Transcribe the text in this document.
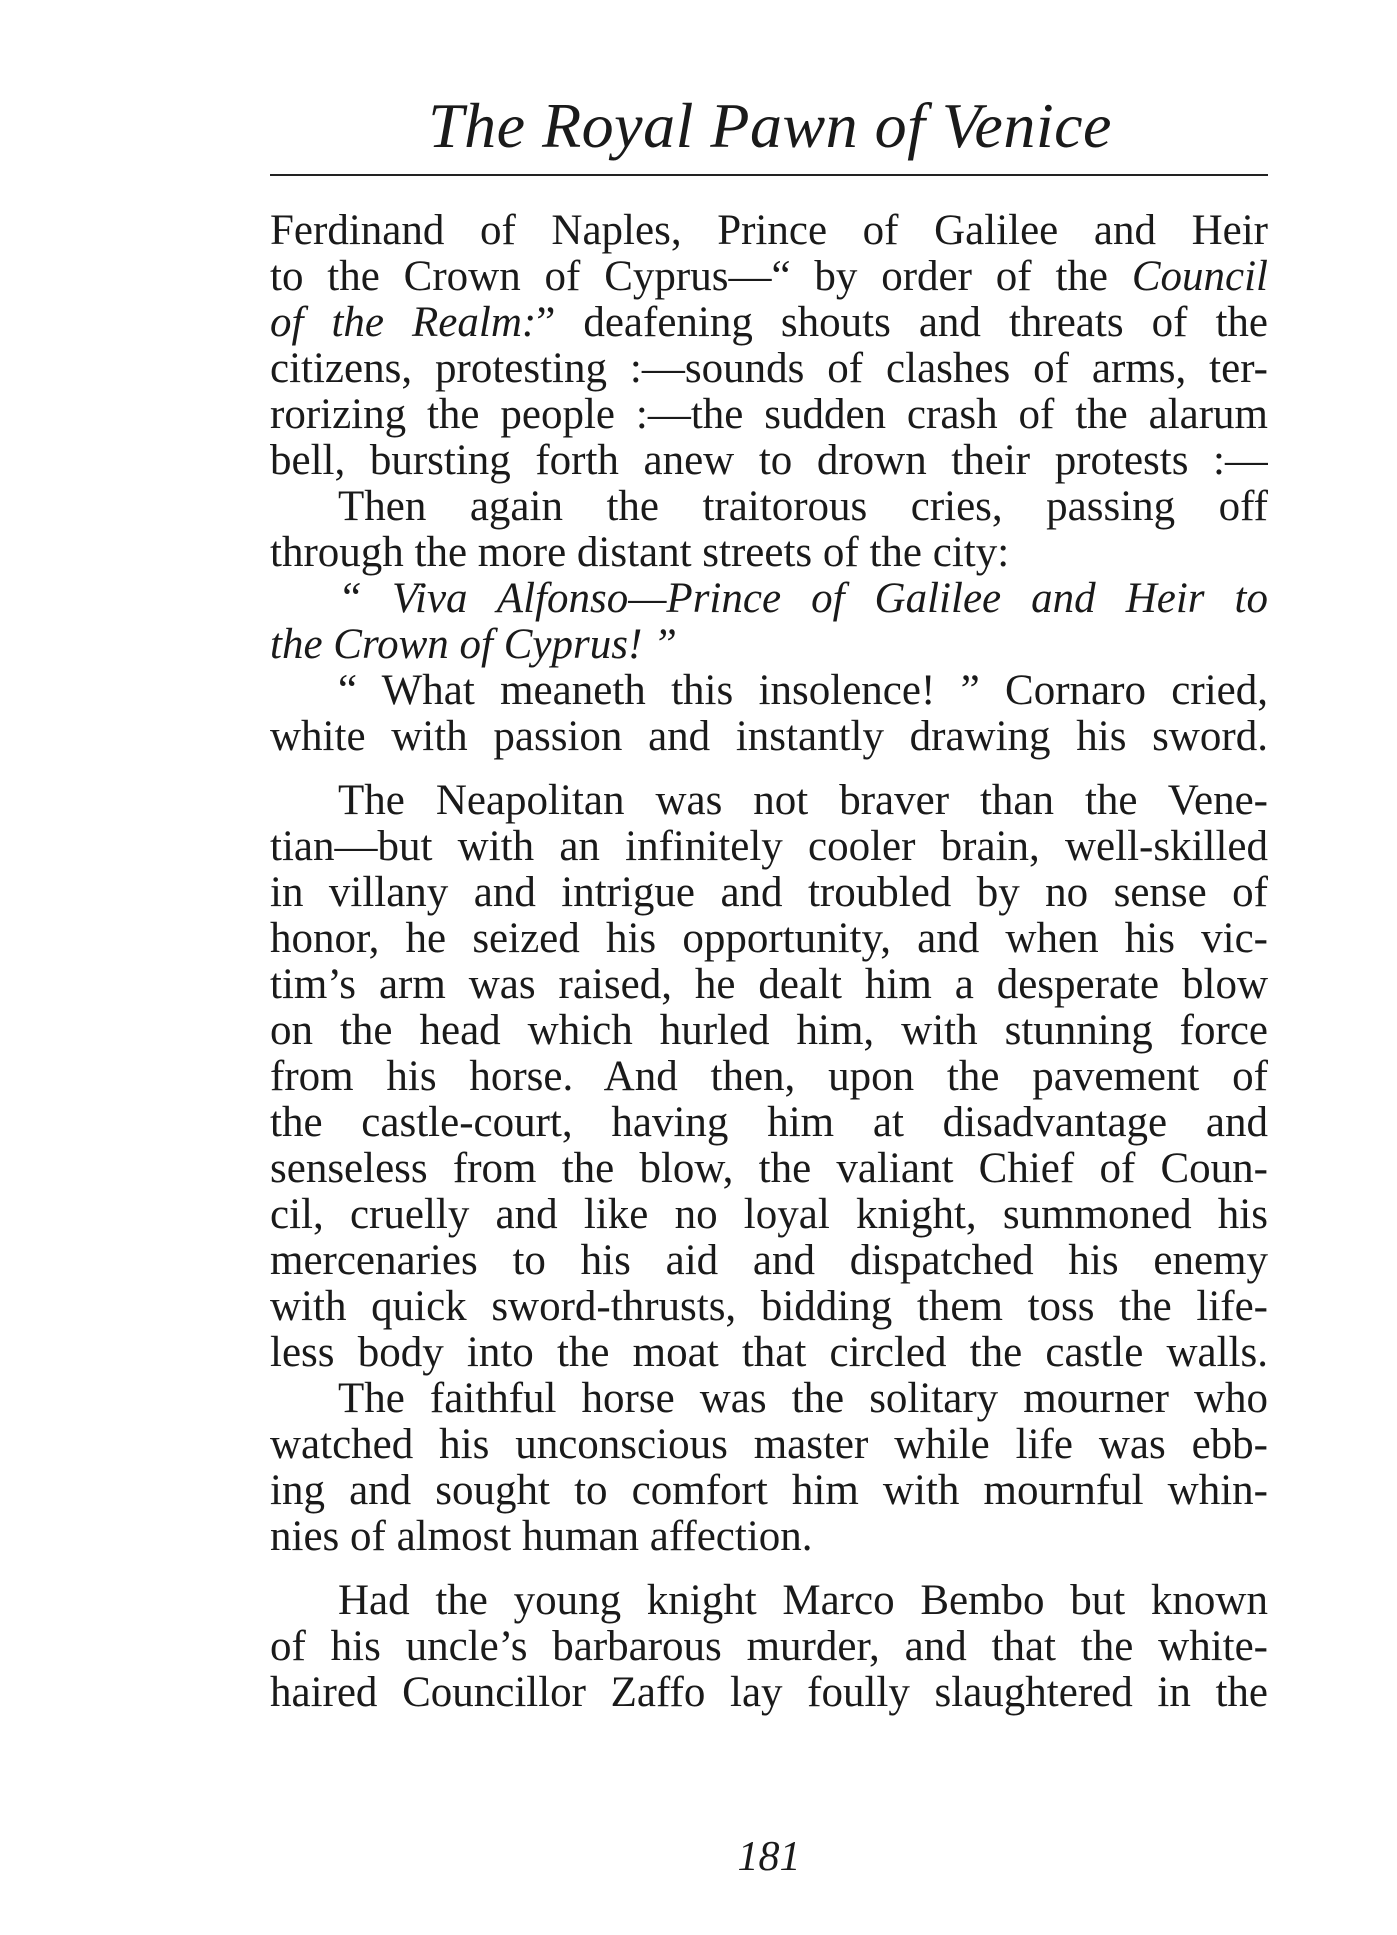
The Royal Pawn of Venice
Ferdinand of Naples, Prince of Galilee and Heir
to the Crown of Cyprus—“ by order of the Council
of the Realm:” deafening shouts and threats of the
citizens, protesting :—sounds of clashes of arms, ter-
rorizing the people :—the sudden crash of the alarum
bell, bursting forth anew to drown their protests :—
Then again the traitorous cries, passing off
through the more distant streets of the city:
“ Viva Alfonso—Prince of Galilee and Heir to
the Crown of Cyprus! ”
“ What meaneth this insolence! ” Cornaro cried,
white with passion and instantly drawing his sword.
The Neapolitan was not braver than the Vene-
tian—but with an infinitely cooler brain, well-skilled
in villany and intrigue and troubled by no sense of
honor, he seized his opportunity, and when his vic-
tim’s arm was raised, he dealt him a desperate blow
on the head which hurled him, with stunning force
from his horse. And then, upon the pavement of
the castle-court, having him at disadvantage and
senseless from the blow, the valiant Chief of Coun-
cil, cruelly and like no loyal knight, summoned his
mercenaries to his aid and dispatched his enemy
with quick sword-thrusts, bidding them toss the life-
less body into the moat that circled the castle walls.
The faithful horse was the solitary mourner who
watched his unconscious master while life was ebb-
ing and sought to comfort him with mournful whin-
nies of almost human affection.
Had the young knight Marco Bembo but known
of his uncle’s barbarous murder, and that the white-
haired Councillor Zaffo lay foully slaughtered in the
181
